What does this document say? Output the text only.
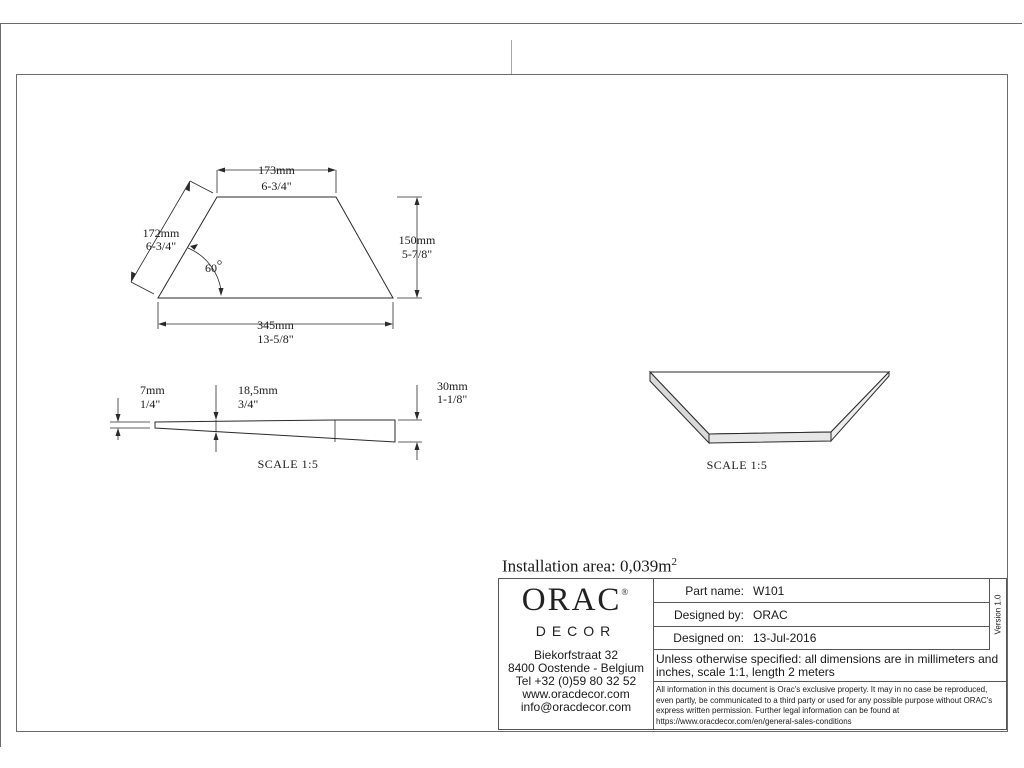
173mm
6-3/4"
172mm
6-3/4"	150mm
5-7/8"
60
345mm
13-5/8"
7mm
1/4"
18,5mm
3/4"
30mm
1-1/8"
SCALE 1:5	SCALE 1:5
Installation area: $0,039m^2$
ORAC®
DECOR
Biekorfstraat 32
8400 Oostende - Belgium
Tel +32 (0)59 80 32 52
www.oracdecor.com
info@oracdecor.com
Part name: W101
Designed by: ORAC
Designed on: 13-Jul-2016
Version 1.0
Unless otherwise specified: all dimensions are in millimeters and inches, scale 1:1, length 2 meters
All information in this document is Orac's exclusive property. It may in no case be reproduced, even partly, be communicated to a third party or used for any possible purpose without ORAC's express written permission. Further legal information can be found at https://www.oracdecor.com/en/general-sales-conditions
